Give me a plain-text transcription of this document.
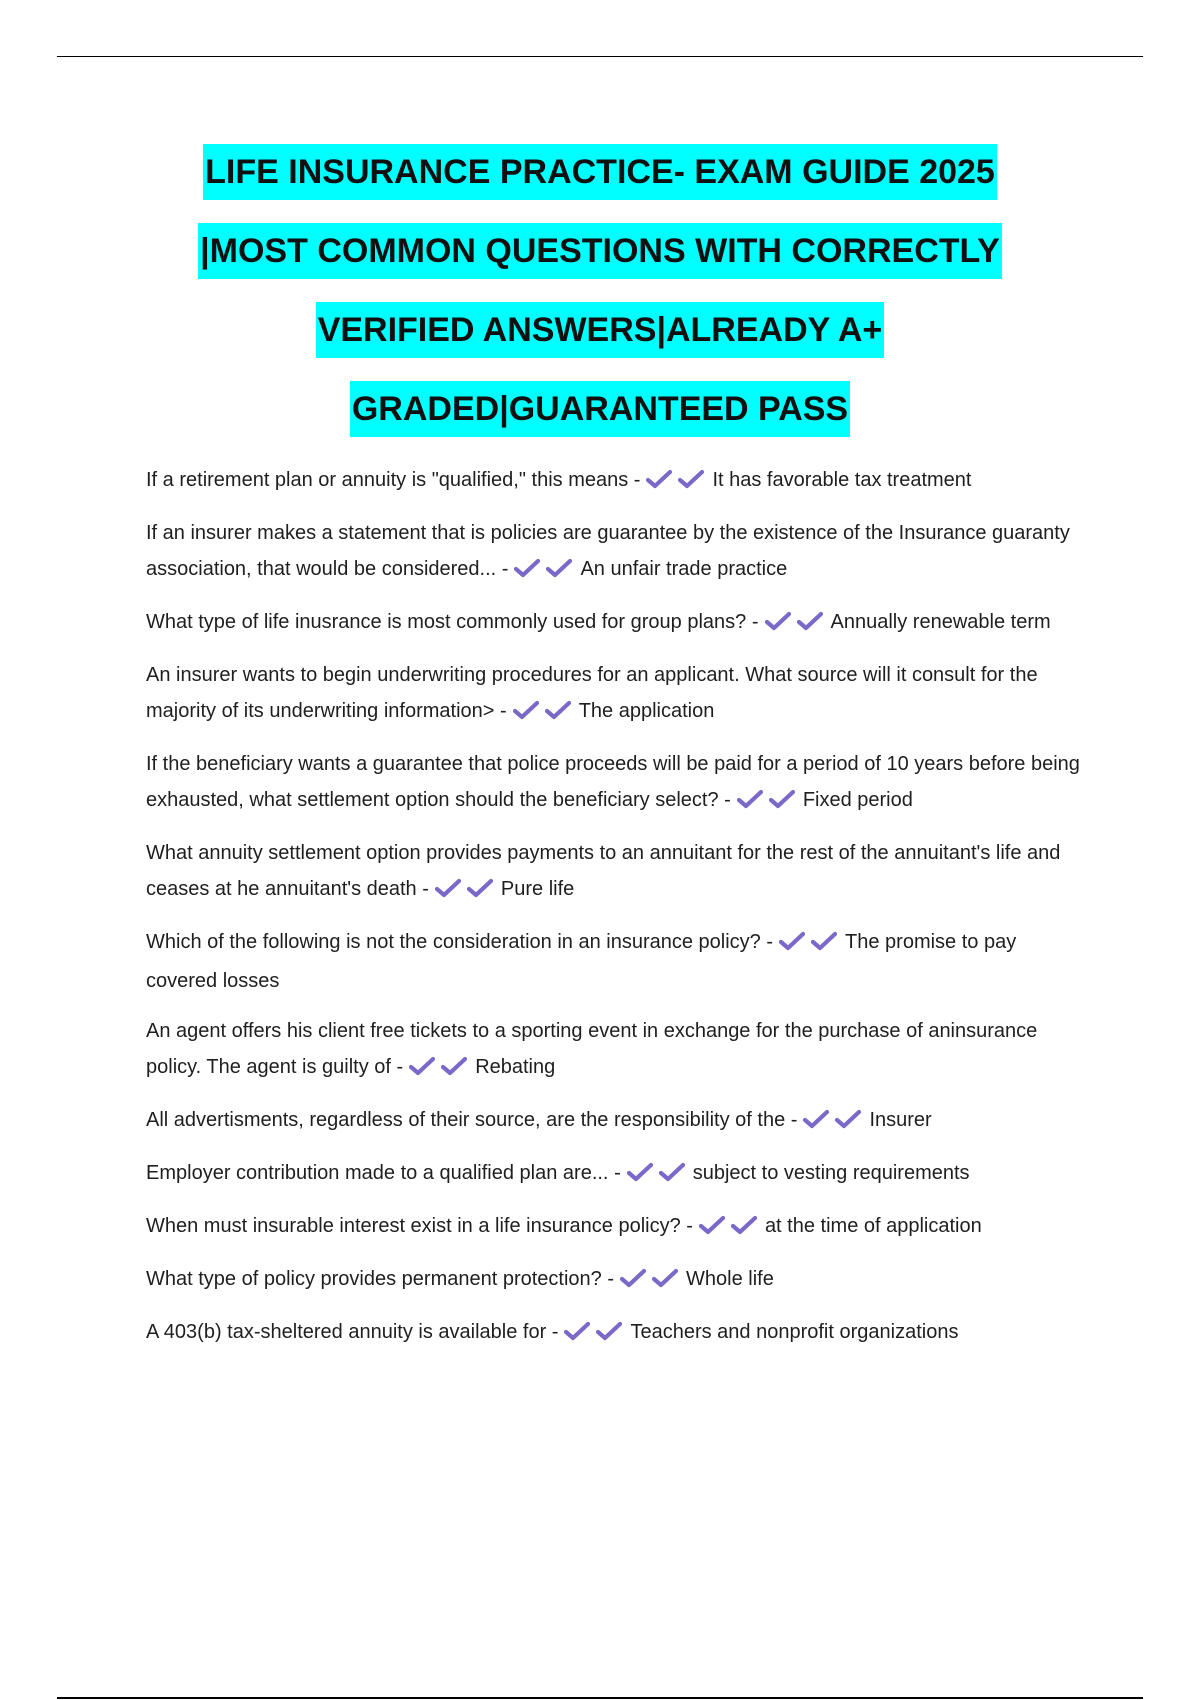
LIFE INSURANCE PRACTICE- EXAM GUIDE 2025
|MOST COMMON QUESTIONS WITH CORRECTLY
VERIFIED ANSWERS|ALREADY A+
GRADED|GUARANTEED PASS
If a retirement plan or annuity is "qualified," this means -	It has favorable tax treatment
If an insurer makes a statement that is policies are guarantee by the existence of the Insurance guaranty association, that would be considered... -	An unfair trade practice
What type of life inusrance is most commonly used for group plans? -	Annually renewable term
An insurer wants to begin underwriting procedures for an applicant. What source will it consult for the majority of its underwriting information> -	The application
If the beneficiary wants a guarantee that police proceeds will be paid for a period of 10 years before being exhausted, what settlement option should the beneficiary select? -	Fixed period
What annuity settlement option provides payments to an annuitant for the rest of the annuitant's life and ceases at he annuitant's death -	Pure life
Which of the following is not the consideration in an insurance policy? -	The promise to pay covered losses
An agent offers his client free tickets to a sporting event in exchange for the purchase of aninsurance policy. The agent is guilty of -	Rebating
All advertisments, regardless of their source, are the responsibility of the -	Insurer
Employer contribution made to a qualified plan are... -	subject to vesting requirements
When must insurable interest exist in a life insurance policy? -	at the time of application
What type of policy provides permanent protection? -	Whole life
A 403(b) tax-sheltered annuity is available for -	Teachers and nonprofit organizations
